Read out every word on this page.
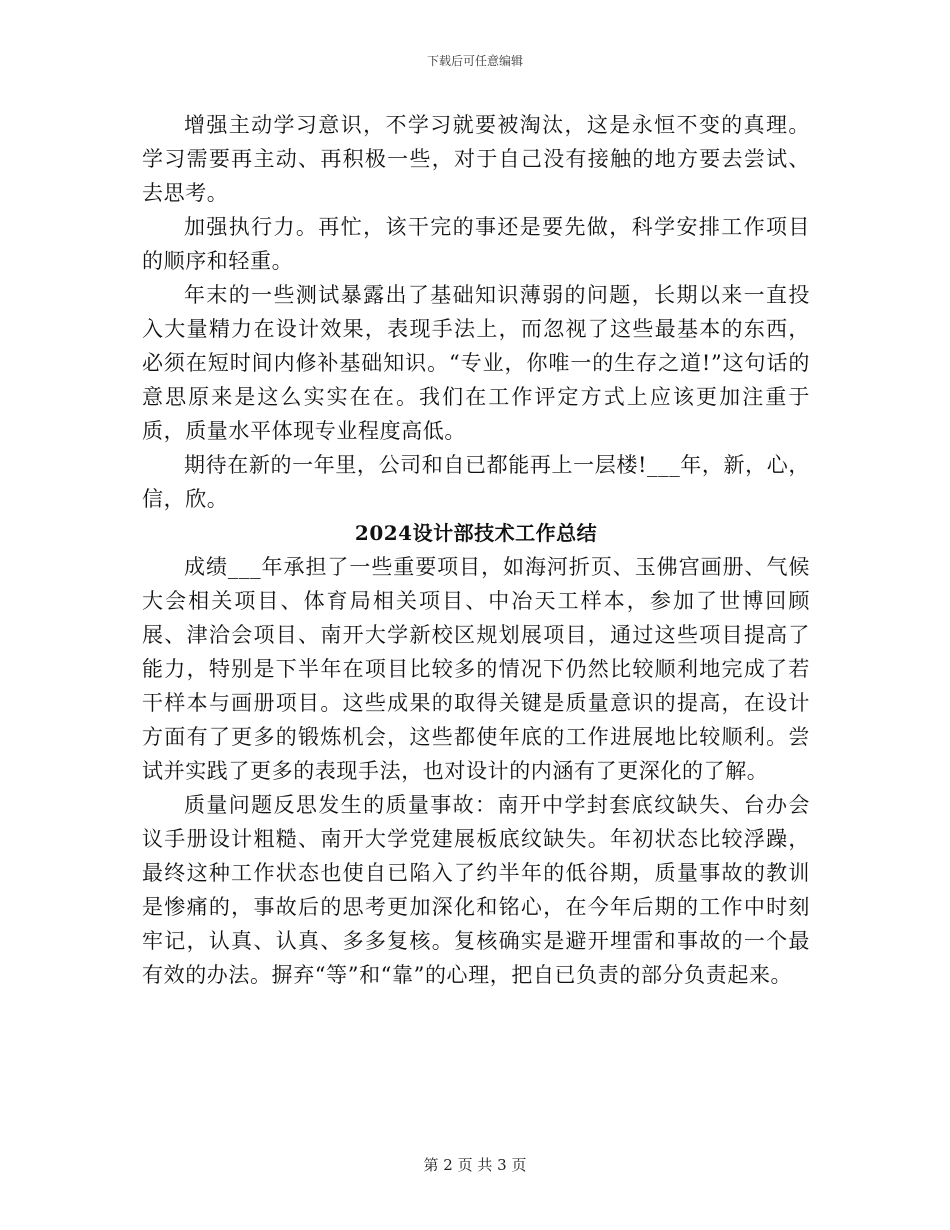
下载后可任意编辑

增强主动学习意识，不学习就要被淘汰，这是永恒不变的真理。学习需要再主动、再积极一些，对于自己没有接触的地方要去尝试、去思考。

加强执行力。再忙，该干完的事还是要先做，科学安排工作项目的顺序和轻重。

年末的一些测试暴露出了基础知识薄弱的问题，长期以来一直投入大量精力在设计效果，表现手法上，而忽视了这些最基本的东西，必须在短时间内修补基础知识。“专业，你唯一的生存之道!”这句话的意思原来是这么实实在在。我们在工作评定方式上应该更加注重于质，质量水平体现专业程度高低。

期待在新的一年里，公司和自已都能再上一层楼!___年，新，心，信，欣。

2024设计部技术工作总结

成绩___年承担了一些重要项目，如海河折页、玉佛宫画册、气候大会相关项目、体育局相关项目、中冶天工样本，参加了世博回顾展、津洽会项目、南开大学新校区规划展项目，通过这些项目提高了能力，特别是下半年在项目比较多的情况下仍然比较顺利地完成了若干样本与画册项目。这些成果的取得关键是质量意识的提高，在设计方面有了更多的锻炼机会，这些都使年底的工作进展地比较顺利。尝试并实践了更多的表现手法，也对设计的内涵有了更深化的了解。

质量问题反思发生的质量事故：南开中学封套底纹缺失、台办会议手册设计粗糙、南开大学党建展板底纹缺失。年初状态比较浮躁，最终这种工作状态也使自已陷入了约半年的低谷期，质量事故的教训是惨痛的，事故后的思考更加深化和铭心，在今年后期的工作中时刻牢记，认真、认真、多多复核。复核确实是避开埋雷和事故的一个最有效的办法。摒弃“等”和“靠”的心理，把自已负责的部分负责起来。

第 2 页 共 3 页
